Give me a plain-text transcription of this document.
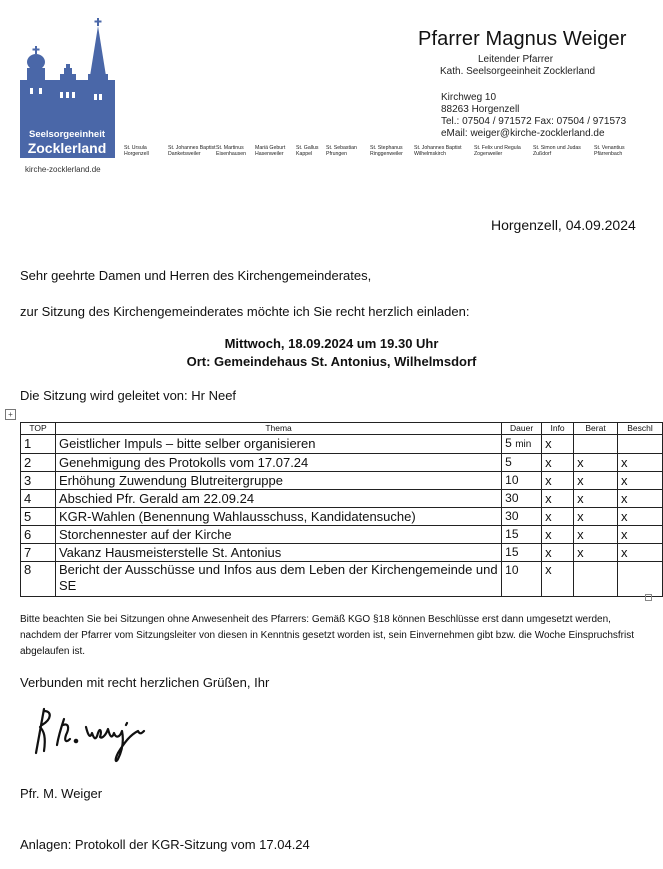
Seelsorgeeinheit
Zocklerland
kirche-zocklerland.de
Pfarrer Magnus Weiger
Leitender Pfarrer
Kath. Seelsorgeeinheit Zocklerland
Kirchweg 10
88263 Horgenzell
Tel.: 07504 / 971572 Fax: 07504 / 971573
eMail: weiger@kirche-zocklerland.de
St. Ursula
Horgenzell
St. Johannes Baptist
Danketsweiler
St. Martinus
Eisenhausen
Mariä Geburt
Hasenweiler
St. Gallus
Kappel
St. Sebastian
Pfrungen
St. Stephanus
Ringgenweiler
St. Johannes Baptist
Wilhelmskirch
St. Felix und Regula
Zogenweiler
St. Simon und Judas
Zußdorf
St. Venantius
Pfärrenbach
Horgenzell, 04.09.2024
Sehr geehrte Damen und Herren des Kirchengemeinderates,
zur Sitzung des Kirchengemeinderates möchte ich Sie recht herzlich einladen:
Mittwoch, 18.09.2024 um 19.30 Uhr
Ort: Gemeindehaus St. Antonius, Wilhelmsdorf
Die Sitzung wird geleitet von: Hr Neef
+
TOP	Thema	Dauer	Info	Berat	Beschl
1	Geistlicher Impuls – bitte selber organisieren	5 min	x		
2	Genehmigung des Protokolls vom 17.07.24	5	x	x	x
3	Erhöhung Zuwendung Blutreitergruppe	10	x	x	x
4	Abschied Pfr. Gerald am 22.09.24	30	x	x	x
5	KGR-Wahlen (Benennung Wahlausschuss, Kandidatensuche)	30	x	x	x
6	Storchennester auf der Kirche	15	x	x	x
7	Vakanz Hausmeisterstelle St. Antonius	15	x	x	x
8	Bericht der Ausschüsse und Infos aus dem Leben der Kirchengemeinde und SE	10	x		
Bitte beachten Sie bei Sitzungen ohne Anwesenheit des Pfarrers: Gemäß KGO §18 können Beschlüsse erst dann umgesetzt werden, nachdem der Pfarrer vom Sitzungsleiter von diesen in Kenntnis gesetzt worden ist, sein Einvernehmen gibt bzw. die Woche Einspruchsfrist abgelaufen ist.
Verbunden mit recht herzlichen Grüßen, Ihr
Pfr. M. Weiger
Anlagen: Protokoll der KGR-Sitzung vom 17.04.24
